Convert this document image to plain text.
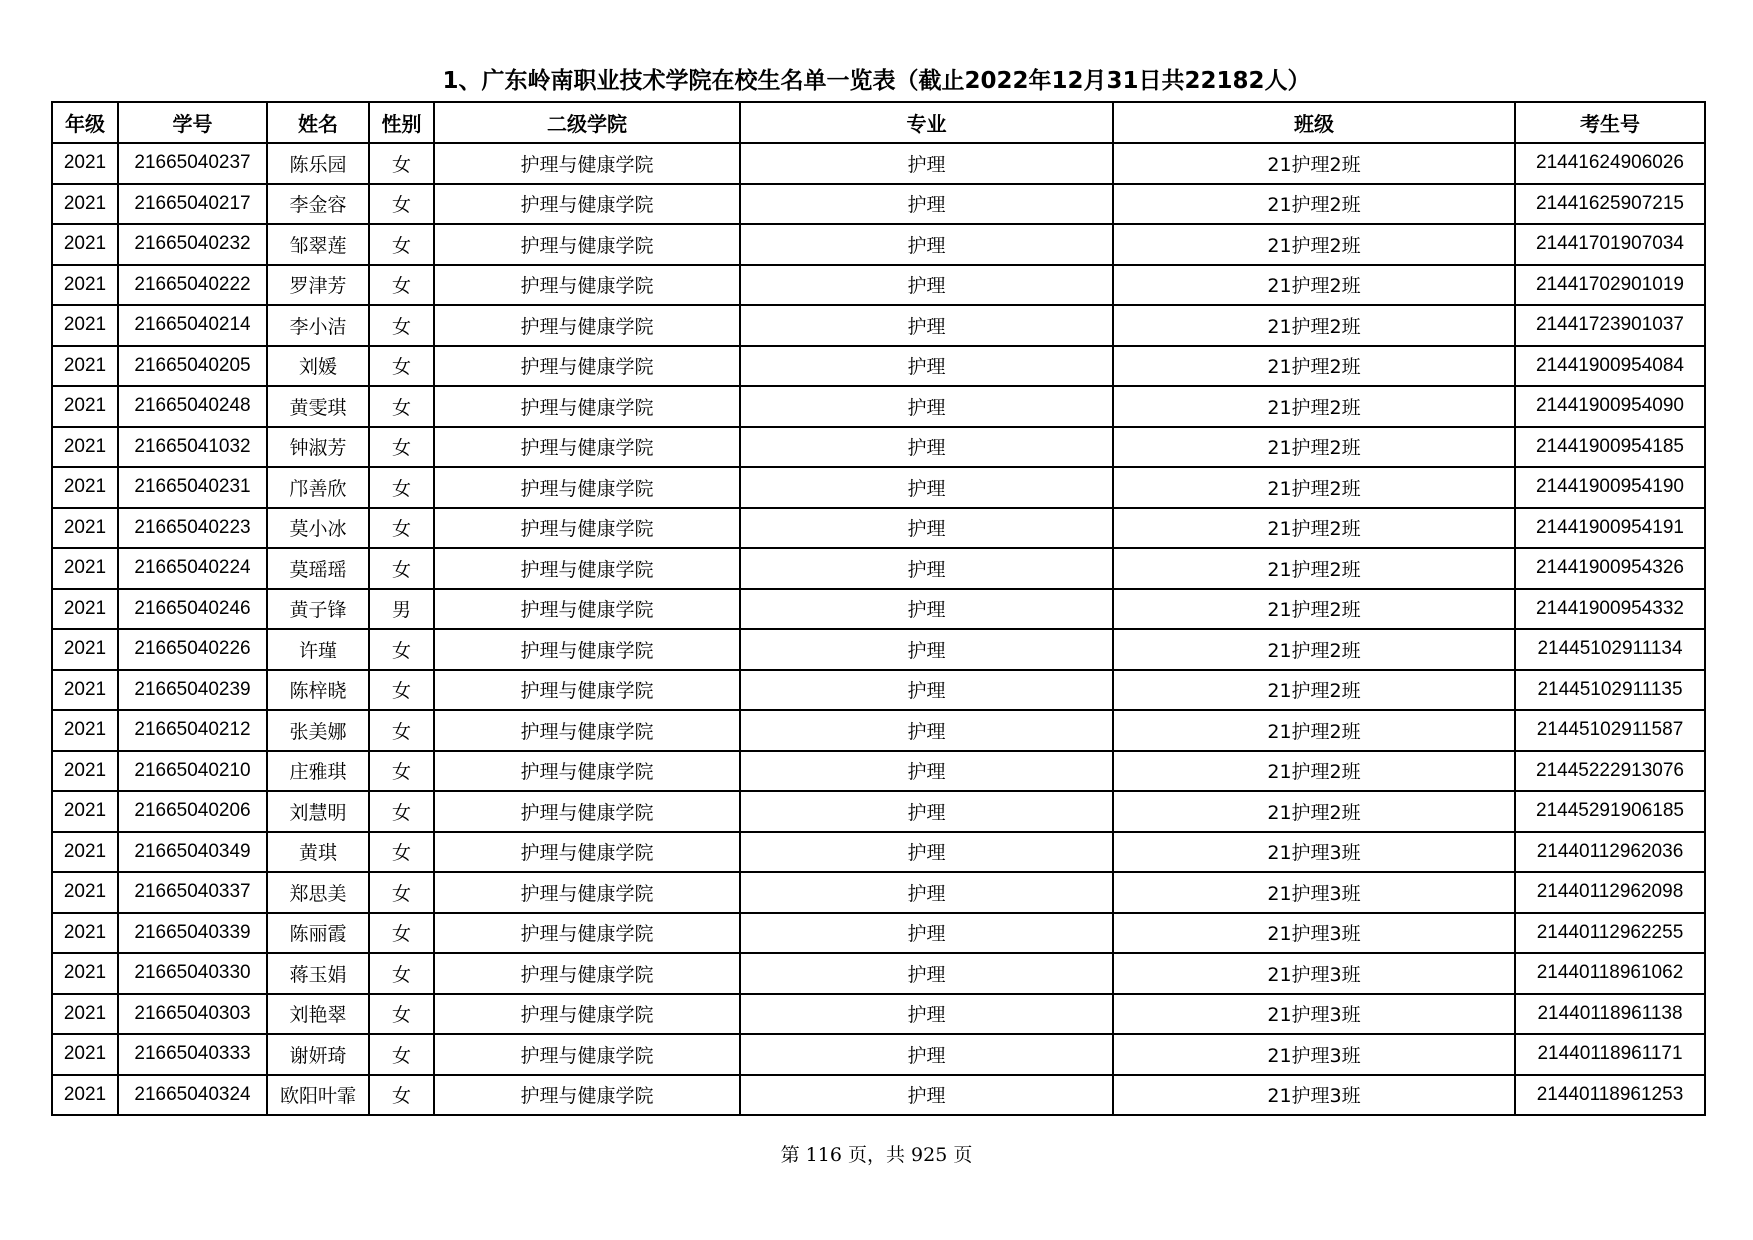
1、广东岭南职业技术学院在校生名单一览表（截止2022年12月31日共22182人）
年级	学号	姓名	性别	二级学院	专业	班级	考生号
2021	21665040237	陈乐园	女	护理与健康学院	护理	21护理2班	21441624906026
2021	21665040217	李金容	女	护理与健康学院	护理	21护理2班	21441625907215
2021	21665040232	邹翠莲	女	护理与健康学院	护理	21护理2班	21441701907034
2021	21665040222	罗津芳	女	护理与健康学院	护理	21护理2班	21441702901019
2021	21665040214	李小洁	女	护理与健康学院	护理	21护理2班	21441723901037
2021	21665040205	刘媛	女	护理与健康学院	护理	21护理2班	21441900954084
2021	21665040248	黄雯琪	女	护理与健康学院	护理	21护理2班	21441900954090
2021	21665041032	钟淑芳	女	护理与健康学院	护理	21护理2班	21441900954185
2021	21665040231	邝善欣	女	护理与健康学院	护理	21护理2班	21441900954190
2021	21665040223	莫小冰	女	护理与健康学院	护理	21护理2班	21441900954191
2021	21665040224	莫瑶瑶	女	护理与健康学院	护理	21护理2班	21441900954326
2021	21665040246	黄子锋	男	护理与健康学院	护理	21护理2班	21441900954332
2021	21665040226	许瑾	女	护理与健康学院	护理	21护理2班	21445102911134
2021	21665040239	陈梓晓	女	护理与健康学院	护理	21护理2班	21445102911135
2021	21665040212	张美娜	女	护理与健康学院	护理	21护理2班	21445102911587
2021	21665040210	庄雅琪	女	护理与健康学院	护理	21护理2班	21445222913076
2021	21665040206	刘慧明	女	护理与健康学院	护理	21护理2班	21445291906185
2021	21665040349	黄琪	女	护理与健康学院	护理	21护理3班	21440112962036
2021	21665040337	郑思美	女	护理与健康学院	护理	21护理3班	21440112962098
2021	21665040339	陈丽霞	女	护理与健康学院	护理	21护理3班	21440112962255
2021	21665040330	蒋玉娟	女	护理与健康学院	护理	21护理3班	21440118961062
2021	21665040303	刘艳翠	女	护理与健康学院	护理	21护理3班	21440118961138
2021	21665040333	谢妍琦	女	护理与健康学院	护理	21护理3班	21440118961171
2021	21665040324	欧阳叶霏	女	护理与健康学院	护理	21护理3班	21440118961253
第 116 页，共 925 页
